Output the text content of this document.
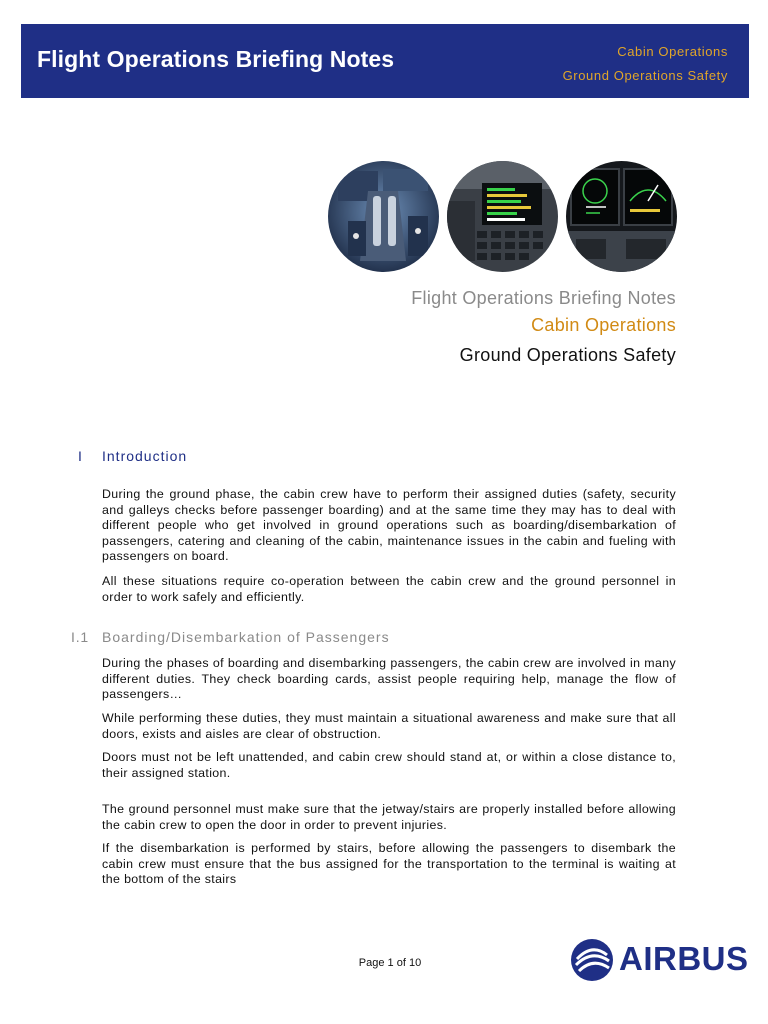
Flight Operations Briefing Notes	Cabin Operations
Ground Operations Safety
Flight Operations Briefing Notes
Cabin Operations
Ground Operations Safety
I Introduction
During the ground phase, the cabin crew have to perform their assigned duties (safety, security and galleys checks before passenger boarding) and at the same time they may has to deal with different people who get involved in ground operations such as boarding/disembarkation of passengers, catering and cleaning of the cabin, maintenance issues in the cabin and fueling with passengers on board.
All these situations require co-operation between the cabin crew and the ground personnel in order to work safely and efficiently.
I.1 Boarding/Disembarkation of Passengers
During the phases of boarding and disembarking passengers, the cabin crew are involved in many different duties. They check boarding cards, assist people requiring help, manage the flow of passengers…
While performing these duties, they must maintain a situational awareness and make sure that all doors, exists and aisles are clear of obstruction.
Doors must not be left unattended, and cabin crew should stand at, or within a close distance to, their assigned station.
The ground personnel must make sure that the jetway/stairs are properly installed before allowing the cabin crew to open the door in order to prevent injuries.
If the disembarkation is performed by stairs, before allowing the passengers to disembark the cabin crew must ensure that the bus assigned for the transportation to the terminal is waiting at the bottom of the stairs
Page 1 of 10	AIRBUS
